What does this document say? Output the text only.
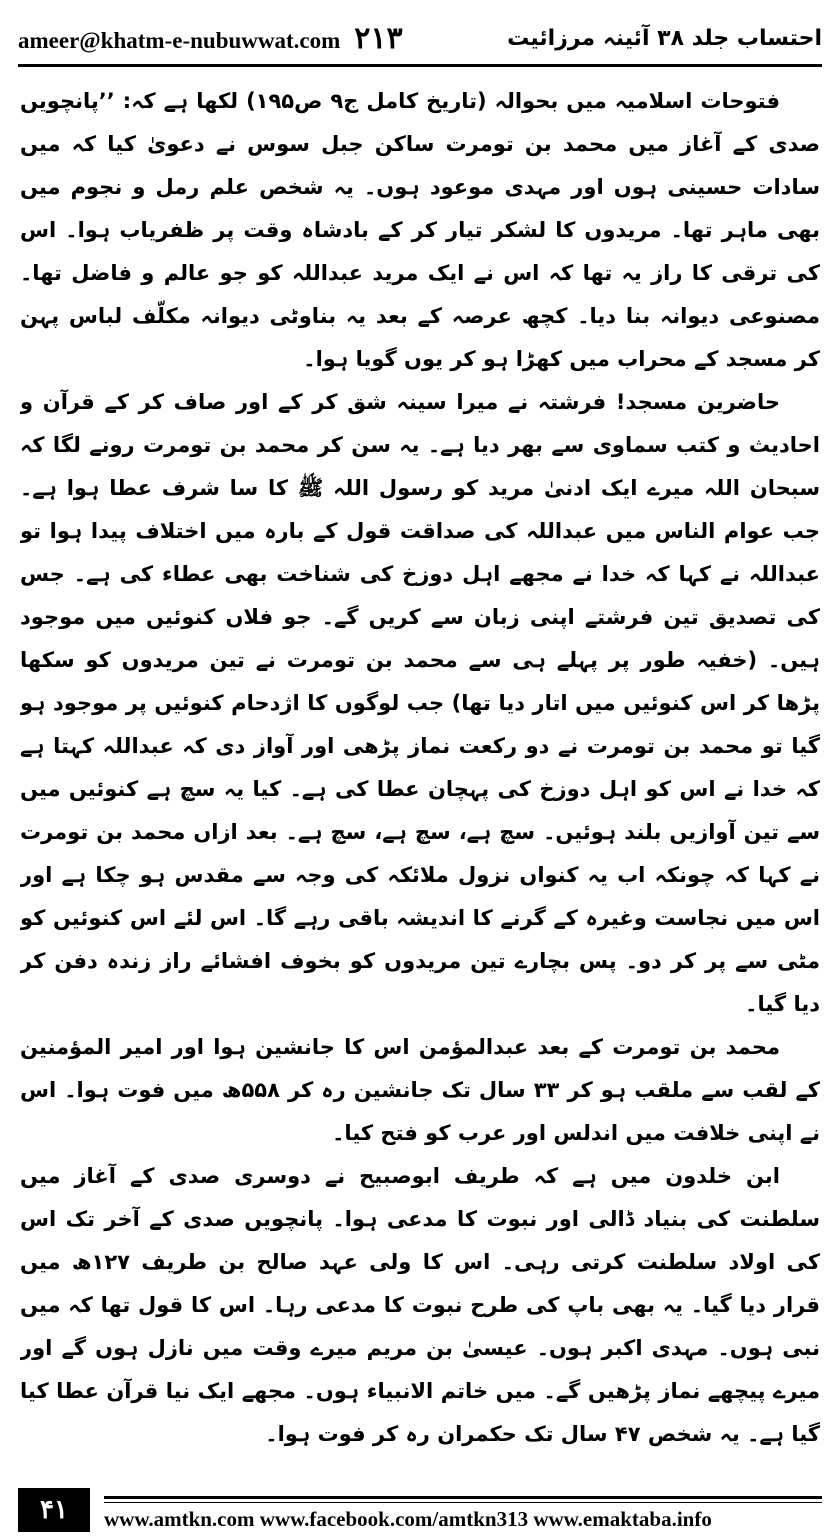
ameer@khatm-e-nubuwwat.com ۲۱۳	احتساب جلد ۳۸ آئینہ مرزائیت

فتوحات اسلامیہ میں بحوالہ (تاریخ کامل ج۹ ص۱۹۵) لکھا ہے کہ: ’’پانچویں صدی کے آغاز میں محمد بن تومرت ساکن جبل سوس نے دعویٰ کیا کہ میں سادات حسینی ہوں اور مہدی موعود ہوں۔ یہ شخص علم رمل و نجوم میں بھی ماہر تھا۔ مریدوں کا لشکر تیار کر کے بادشاہ وقت پر ظفریاب ہوا۔ اس کی ترقی کا راز یہ تھا کہ اس نے ایک مرید عبداللہ کو جو عالم و فاضل تھا۔ مصنوعی دیوانہ بنا دیا۔ کچھ عرصہ کے بعد یہ بناوٹی دیوانہ مکلّف لباس پہن کر مسجد کے محراب میں کھڑا ہو کر یوں گویا ہوا۔

حاضرین مسجد! فرشتہ نے میرا سینہ شق کر کے اور صاف کر کے قرآن و احادیث و کتب سماوی سے بھر دیا ہے۔ یہ سن کر محمد بن تومرت رونے لگا کہ سبحان اللہ میرے ایک ادنیٰ مرید کو رسول اللہ ﷺ کا سا شرف عطا ہوا ہے۔ جب عوام الناس میں عبداللہ کی صداقت قول کے بارہ میں اختلاف پیدا ہوا تو عبداللہ نے کہا کہ خدا نے مجھے اہل دوزخ کی شناخت بھی عطاء کی ہے۔ جس کی تصدیق تین فرشتے اپنی زبان سے کریں گے۔ جو فلاں کنوئیں میں موجود ہیں۔ (خفیہ طور پر پہلے ہی سے محمد بن تومرت نے تین مریدوں کو سکھا پڑھا کر اس کنوئیں میں اتار دیا تھا) جب لوگوں کا اژدحام کنوئیں پر موجود ہو گیا تو محمد بن تومرت نے دو رکعت نماز پڑھی اور آواز دی کہ عبداللہ کہتا ہے کہ خدا نے اس کو اہل دوزخ کی پہچان عطا کی ہے۔ کیا یہ سچ ہے کنوئیں میں سے تین آوازیں بلند ہوئیں۔ سچ ہے، سچ ہے، سچ ہے۔ بعد ازاں محمد بن تومرت نے کہا کہ چونکہ اب یہ کنواں نزول ملائکہ کی وجہ سے مقدس ہو چکا ہے اور اس میں نجاست وغیرہ کے گرنے کا اندیشہ باقی رہے گا۔ اس لئے اس کنوئیں کو مٹی سے پر کر دو۔ پس بچارے تین مریدوں کو بخوف افشائے راز زندہ دفن کر دیا گیا۔

محمد بن تومرت کے بعد عبدالمؤمن اس کا جانشین ہوا اور امیر المؤمنین کے لقب سے ملقب ہو کر ۳۳ سال تک جانشین رہ کر ۵۵۸ھ میں فوت ہوا۔ اس نے اپنی خلافت میں اندلس اور عرب کو فتح کیا۔

ابن خلدون میں ہے کہ طریف ابوصبیح نے دوسری صدی کے آغاز میں سلطنت کی بنیاد ڈالی اور نبوت کا مدعی ہوا۔ پانچویں صدی کے آخر تک اس کی اولاد سلطنت کرتی رہی۔ اس کا ولی عہد صالح بن طریف ۱۲۷ھ میں قرار دیا گیا۔ یہ بھی باپ کی طرح نبوت کا مدعی رہا۔ اس کا قول تھا کہ میں نبی ہوں۔ مہدی اکبر ہوں۔ عیسیٰ بن مریم میرے وقت میں نازل ہوں گے اور میرے پیچھے نماز پڑھیں گے۔ میں خاتم الانبیاء ہوں۔ مجھے ایک نیا قرآن عطا کیا گیا ہے۔ یہ شخص ۴۷ سال تک حکمران رہ کر فوت ہوا۔

۴۱	www.amtkn.com www.facebook.com/amtkn313 www.emaktaba.info
